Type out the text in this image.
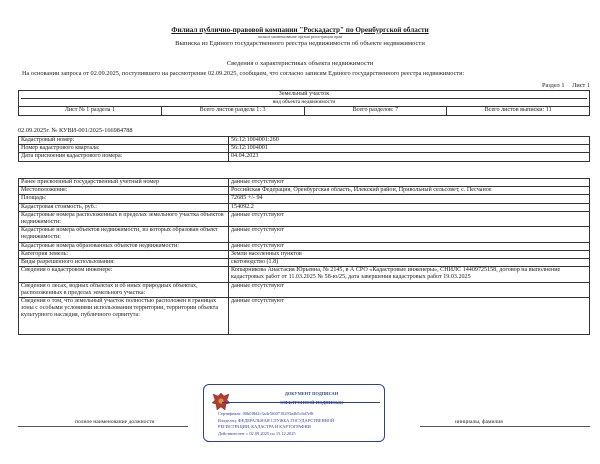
Филиал публично-правовой компании "Роскадастр" по Оренбургской области
полное наименование органа регистрации прав
Выписка из Единого государственного реестра недвижимости об объекте недвижимости
Сведения о характеристиках объекта недвижимости
На основании запроса от 02.09.2025, поступившего на рассмотрение 02.09.2025, сообщаем, что согласно записям Единого государственного реестра недвижимости:
Раздел 1 Лист 1
Земельный участок
вид объекта недвижимости

Лист № 1 раздела 1	Всего листов раздела 1: 3	Всего разделов: 7	Всего листов выписки: 11
02.09.2025г. № КУВИ-001/2025-166984788
Кадастровый номер:	56:12:1004001:260
Номер кадастрового квартала:	56:12:1004001
Дата присвоения кадастрового номера:	04.04.2023
Ранее присвоенный государственный учетный номер	данные отсутствуют
Местоположение:	Российская Федерация, Оренбургская область, Илекский район, Привольный сельсовет, с. Песчаное
Площадь:	72685 +/- 94
Кадастровая стоимость, руб.:	154092.2
Кадастровые номера расположенных в пределах земельного участка объектов недвижимости:	данные отсутствуют
Кадастровые номера объектов недвижимости, из которых образован объект недвижимости:	данные отсутствуют
Кадастровые номера образованных объектов недвижимости:	данные отсутствуют
Категория земель:	Земли населенных пунктов
Виды разрешенного использования:	скотоводство (1.8)
Сведения о кадастровом инженере:	Копырникова Анастасия Юрьевна, № 2145, в А СРО «Кадастровые инженеры», СНИЛС 14409725158, договор на выполнение кадастровых работ от 11.03.2025 № 58-ю/25, дата завершения кадастровых работ 19.03.2025
Сведения о лесах, водных объектах и об иных природных объектах, расположенных в пределах земельного участка:	данные отсутствуют
Сведения о том, что земельный участок полностью расположен в границах зоны с особыми условиями использования территории, территории объекта культурного наследия, публичного сервитута:	данные отсутствуют
полное наименование должности	инициалы, фамилия
ДОКУМЕНТ ПОДПИСАН
ЭЛЕКТРОННОЙ ПОДПИСЬЮ
Сертификат: 00b0f8d2c3a4e5f60718293a4b5c6d7e8f
Владелец: ФЕДЕРАЛЬНАЯ СЛУЖБА ГОСУДАРСТВЕННОЙ
РЕГИСТРАЦИИ, КАДАСТРА И КАРТОГРАФИИ
Действителен: с 02.09.2025 по 15.12.2025
